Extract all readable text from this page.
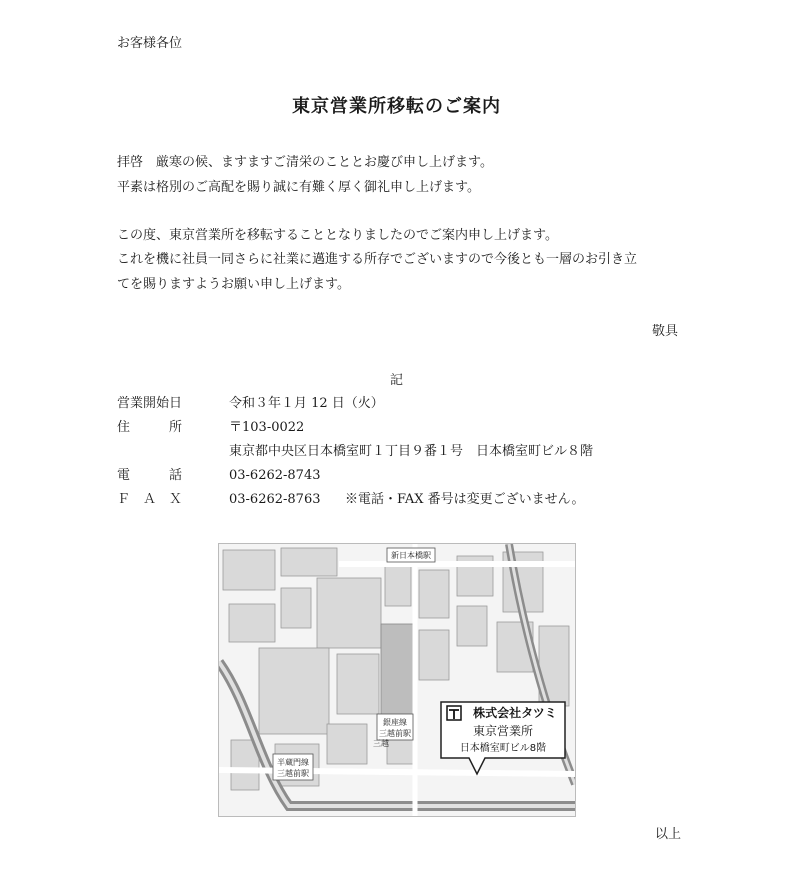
お客様各位
東京営業所移転のご案内
拝啓　厳寒の候、ますますご清栄のこととお慶び申し上げます。
平素は格別のご高配を賜り誠に有難く厚く御礼申し上げます。
この度、東京営業所を移転することとなりましたのでご案内申し上げます。
これを機に社員一同さらに社業に邁進する所存でございますので今後とも一層のお引き立
てを賜りますようお願い申し上げます。
敬具
記
営業開始日	令和３年１月 12 日（火）
住　　　所	〒103-0022
東京都中央区日本橋室町１丁目９番１号　日本橋室町ビル８階
電　　　話	03-6262-8743
Ｆ　Ａ　Ｘ	03-6262-8763 ※電話・FAX 番号は変更ございません。
新日本橋駅
銀座線
三越前駅
三越
半蔵門線
三越前駅
株式会社タツミ
東京営業所
日本橋室町ビル8階
以上
